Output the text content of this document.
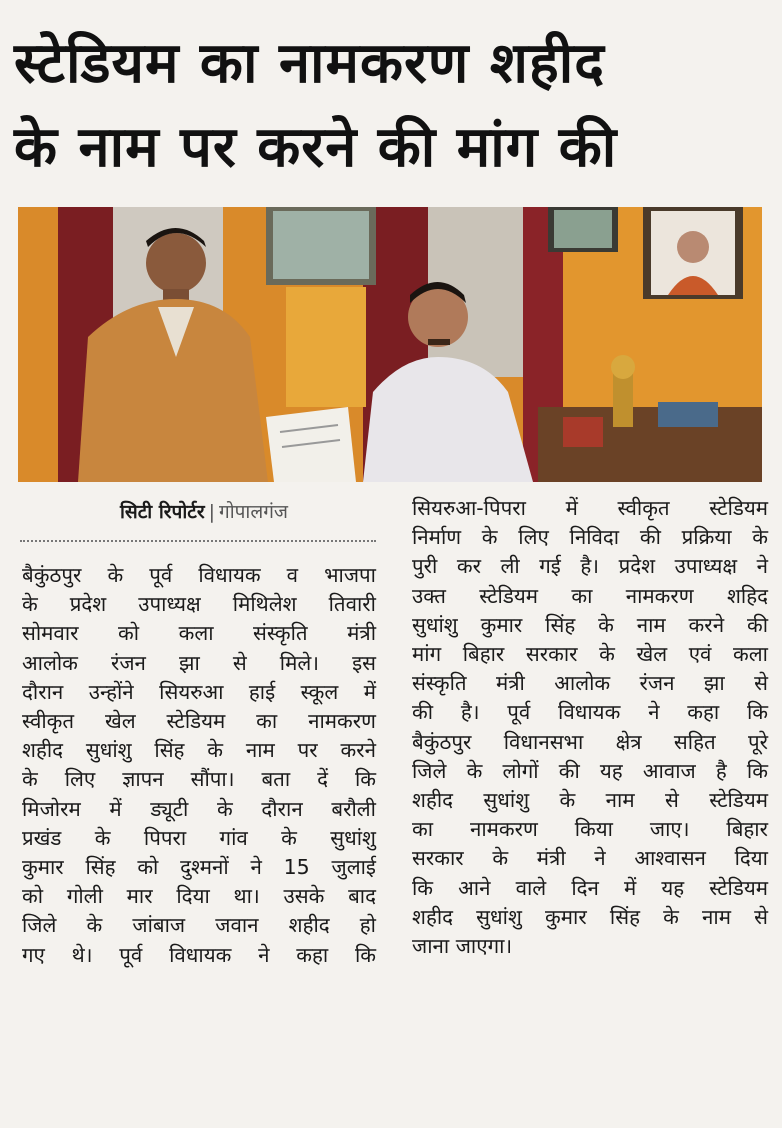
स्टेडियम का नामकरण शहीद
के नाम पर करने की मांग की
सिटी रिपोर्टर | गोपालगंज
बैकुंठपुर के पूर्व विधायक व भाजपा
के प्रदेश उपाध्यक्ष मिथिलेश तिवारी
सोमवार को कला संस्कृति मंत्री
आलोक रंजन झा से मिले। इस
दौरान उन्होंने सियरुआ हाई स्कूल में
स्वीकृत खेल स्टेडियम का नामकरण
शहीद सुधांशु सिंह के नाम पर करने
के लिए ज्ञापन सौंपा। बता दें कि
मिजोरम में ड्यूटी के दौरान बरौली
प्रखंड के पिपरा गांव के सुधांशु
कुमार सिंह को दुश्मनों ने 15 जुलाई
को गोली मार दिया था। उसके बाद
जिले के जांबाज जवान शहीद हो
गए थे। पूर्व विधायक ने कहा कि
सियरुआ-पिपरा में स्वीकृत स्टेडियम
निर्माण के लिए निविदा की प्रक्रिया के
पुरी कर ली गई है। प्रदेश उपाध्यक्ष ने
उक्त स्टेडियम का नामकरण शहिद
सुधांशु कुमार सिंह के नाम करने की
मांग बिहार सरकार के खेल एवं कला
संस्कृति मंत्री आलोक रंजन झा से
की है। पूर्व विधायक ने कहा कि
बैकुंठपुर विधानसभा क्षेत्र सहित पूरे
जिले के लोगों की यह आवाज है कि
शहीद सुधांशु के नाम से स्टेडियम
का नामकरण किया जाए। बिहार
सरकार के मंत्री ने आश्वासन दिया
कि आने वाले दिन में यह स्टेडियम
शहीद सुधांशु कुमार सिंह के नाम से
जाना जाएगा।
